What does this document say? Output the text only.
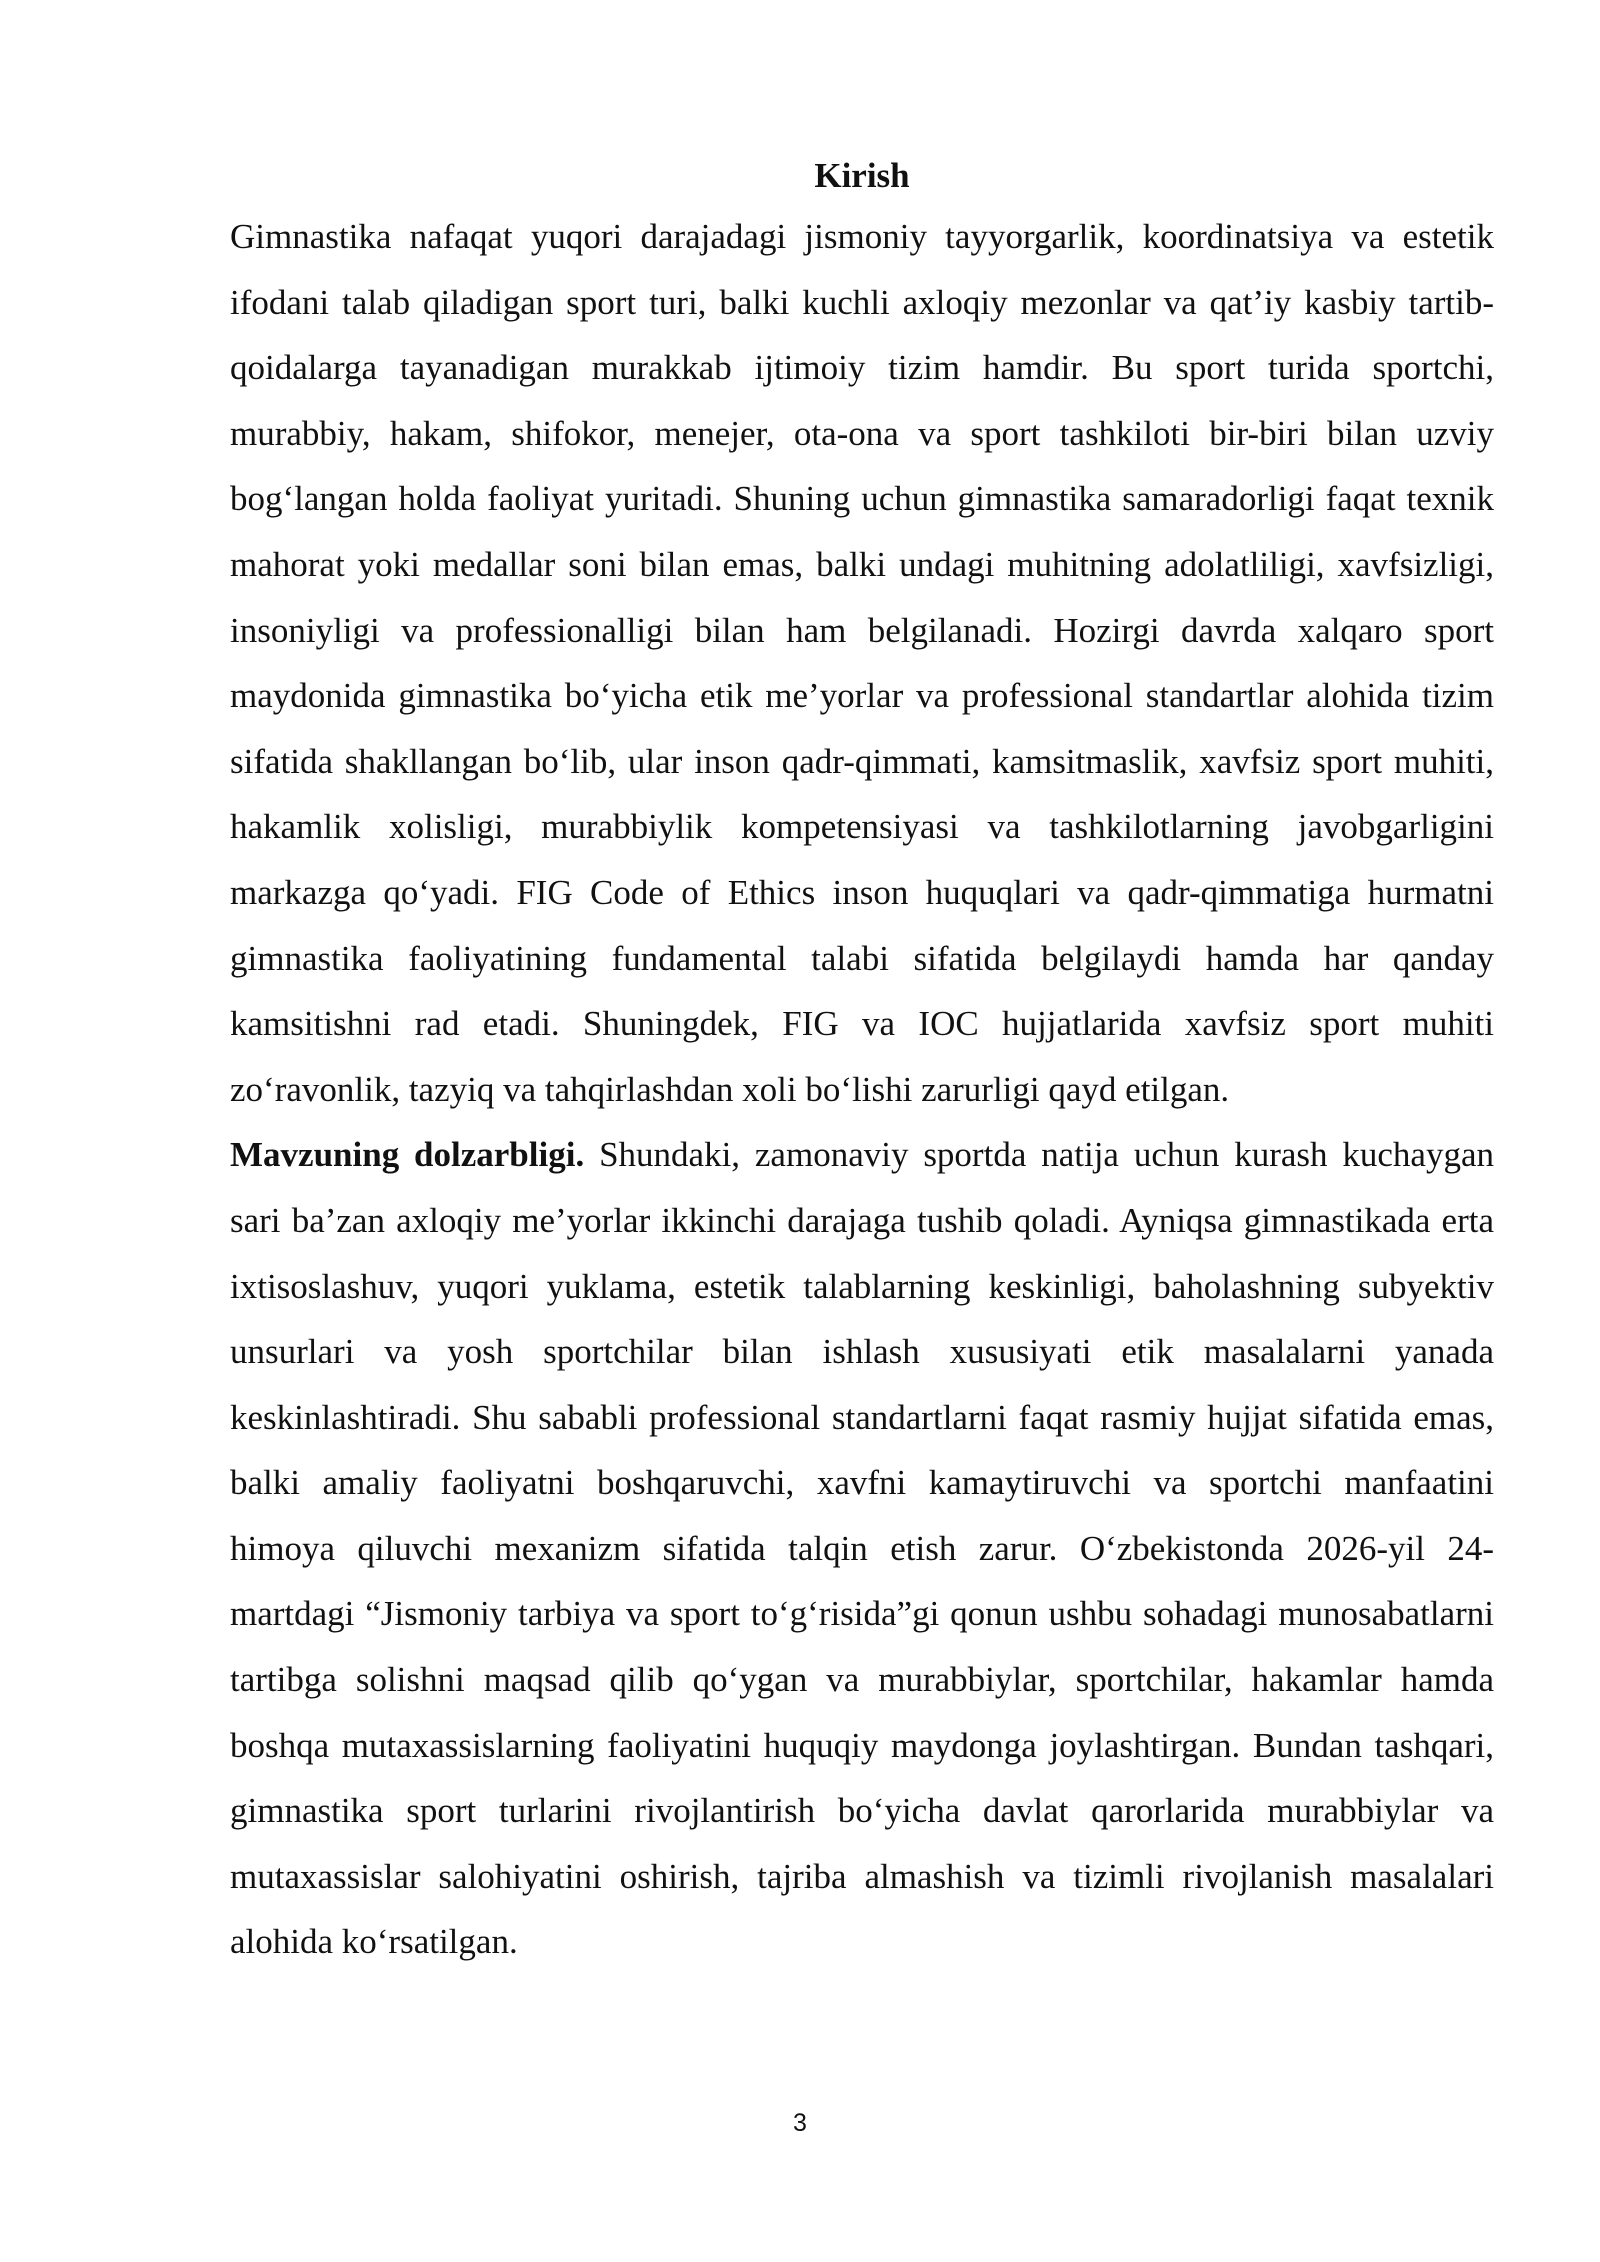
Kirish

Gimnastika nafaqat yuqori darajadagi jismoniy tayyorgarlik, koordinatsiya va estetik ifodani talab qiladigan sport turi, balki kuchli axloqiy mezonlar va qat’iy kasbiy tartib-qoidalarga tayanadigan murakkab ijtimoiy tizim hamdir. Bu sport turida sportchi, murabbiy, hakam, shifokor, menejer, ota-ona va sport tashkiloti bir-biri bilan uzviy bog‘langan holda faoliyat yuritadi. Shuning uchun gimnastika samaradorligi faqat texnik mahorat yoki medallar soni bilan emas, balki undagi muhitning adolatliligi, xavfsizligi, insoniyligi va professionalligi bilan ham belgilanadi. Hozirgi davrda xalqaro sport maydonida gimnastika bo‘yicha etik me’yorlar va professional standartlar alohida tizim sifatida shakllangan bo‘lib, ular inson qadr-qimmati, kamsitmaslik, xavfsiz sport muhiti, hakamlik xolisligi, murabbiylik kompetensiyasi va tashkilotlarning javobgarligini markazga qo‘yadi. FIG Code of Ethics inson huquqlari va qadr-qimmatiga hurmatni gimnastika faoliyatining fundamental talabi sifatida belgilaydi hamda har qanday kamsitishni rad etadi. Shuningdek, FIG va IOC hujjatlarida xavfsiz sport muhiti zo‘ravonlik, tazyiq va tahqirlashdan xoli bo‘lishi zarurligi qayd etilgan.

Mavzuning dolzarbligi. Shundaki, zamonaviy sportda natija uchun kurash kuchaygan sari ba’zan axloqiy me’yorlar ikkinchi darajaga tushib qoladi. Ayniqsa gimnastikada erta ixtisoslashuv, yuqori yuklama, estetik talablarning keskinligi, baholashning subyektiv unsurlari va yosh sportchilar bilan ishlash xususiyati etik masalalarni yanada keskinlashtiradi. Shu sababli professional standartlarni faqat rasmiy hujjat sifatida emas, balki amaliy faoliyatni boshqaruvchi, xavfni kamaytiruvchi va sportchi manfaatini himoya qiluvchi mexanizm sifatida talqin etish zarur. O‘zbekistonda 2026-yil 24-martdagi “Jismoniy tarbiya va sport to‘g‘risida”gi qonun ushbu sohadagi munosabatlarni tartibga solishni maqsad qilib qo‘ygan va murabbiylar, sportchilar, hakamlar hamda boshqa mutaxassislarning faoliyatini huquqiy maydonga joylashtirgan. Bundan tashqari, gimnastika sport turlarini rivojlantirish bo‘yicha davlat qarorlarida murabbiylar va mutaxassislar salohiyatini oshirish, tajriba almashish va tizimli rivojlanish masalalari alohida ko‘rsatilgan.

3
